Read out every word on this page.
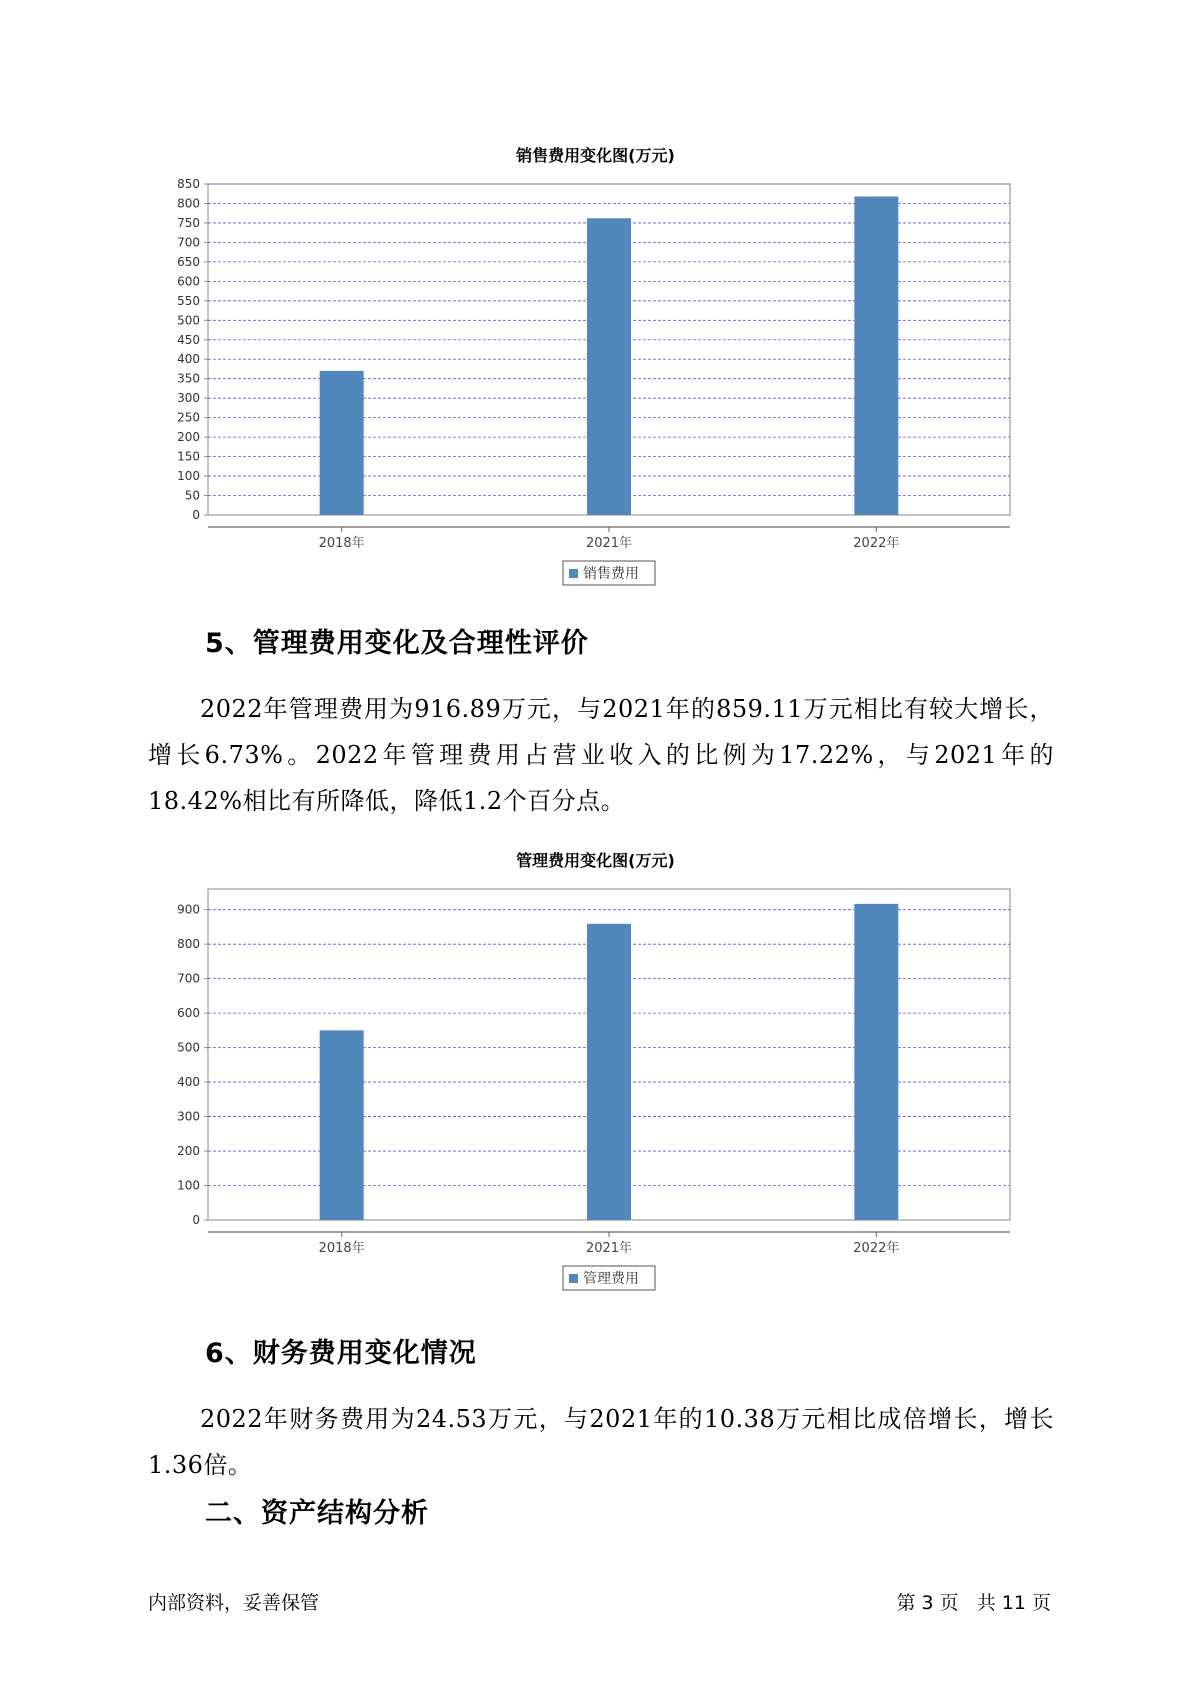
销售费用变化图(万元)
0
50
100
150
200
250
300
350
400
450
500
550
600
650
700
750
800
850
2018年	2021年	2022年
销售费用
5、管理费用变化及合理性评价
2022年管理费用为916.89万元，与2021年的859.11万元相比有较大增长，增长6.73%。2022年管理费用占营业收入的比例为17.22%，与2021年的18.42%相比有所降低，降低1.2个百分点。
管理费用变化图(万元)
0
100
200
300
400
500
600
700
800
900
2018年	2021年	2022年
管理费用
6、财务费用变化情况
2022年财务费用为24.53万元，与2021年的10.38万元相比成倍增长，增长1.36倍。
二、资产结构分析
内部资料，妥善保管	第 3 页   共 11 页
